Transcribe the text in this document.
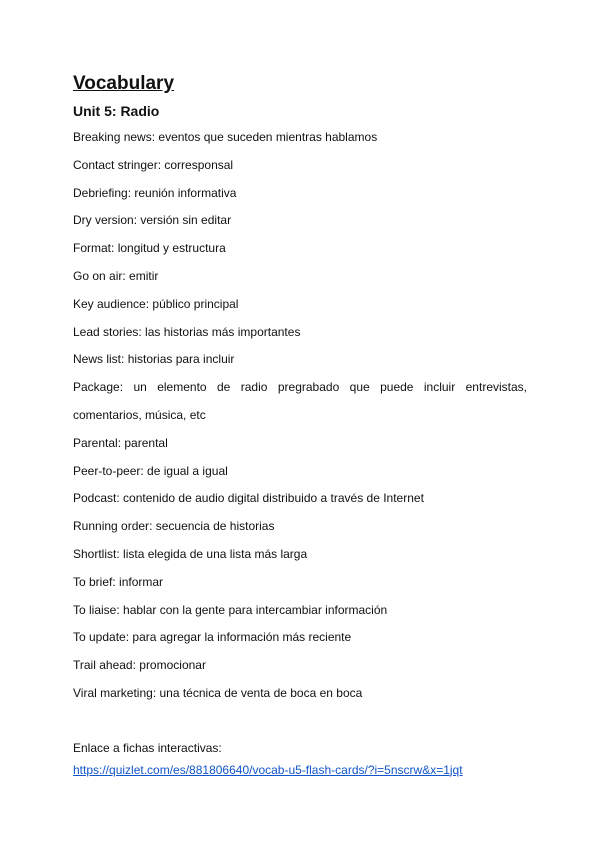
Vocabulary
Unit 5: Radio
Breaking news : eventos que suceden mientras hablamos
Contact stringer : corresponsal
Debriefing : reunión informativa
Dry version : versión sin editar
Format : longitud y estructura
Go on air : emitir
Key audience : público principal
Lead stories : las historias más importantes
News list : historias para incluir
Package : un elemento de radio pregrabado que puede incluir entrevistas, comentarios, música, etc
Parental : parental
Peer-to-peer : de igual a igual
Podcast : contenido de audio digital distribuido a través de Internet
Running order : secuencia de historias
Shortlist : lista elegida de una lista más larga
To brief : informar
To liaise : hablar con la gente para intercambiar información
To update : para agregar la información más reciente
Trail ahead : promocionar
Viral marketing : una técnica de venta de boca en boca
Enlace a fichas interactivas:
https://quizlet.com/es/881806640/vocab-u5-flash-cards/?i=5nscrw&x=1jqt
